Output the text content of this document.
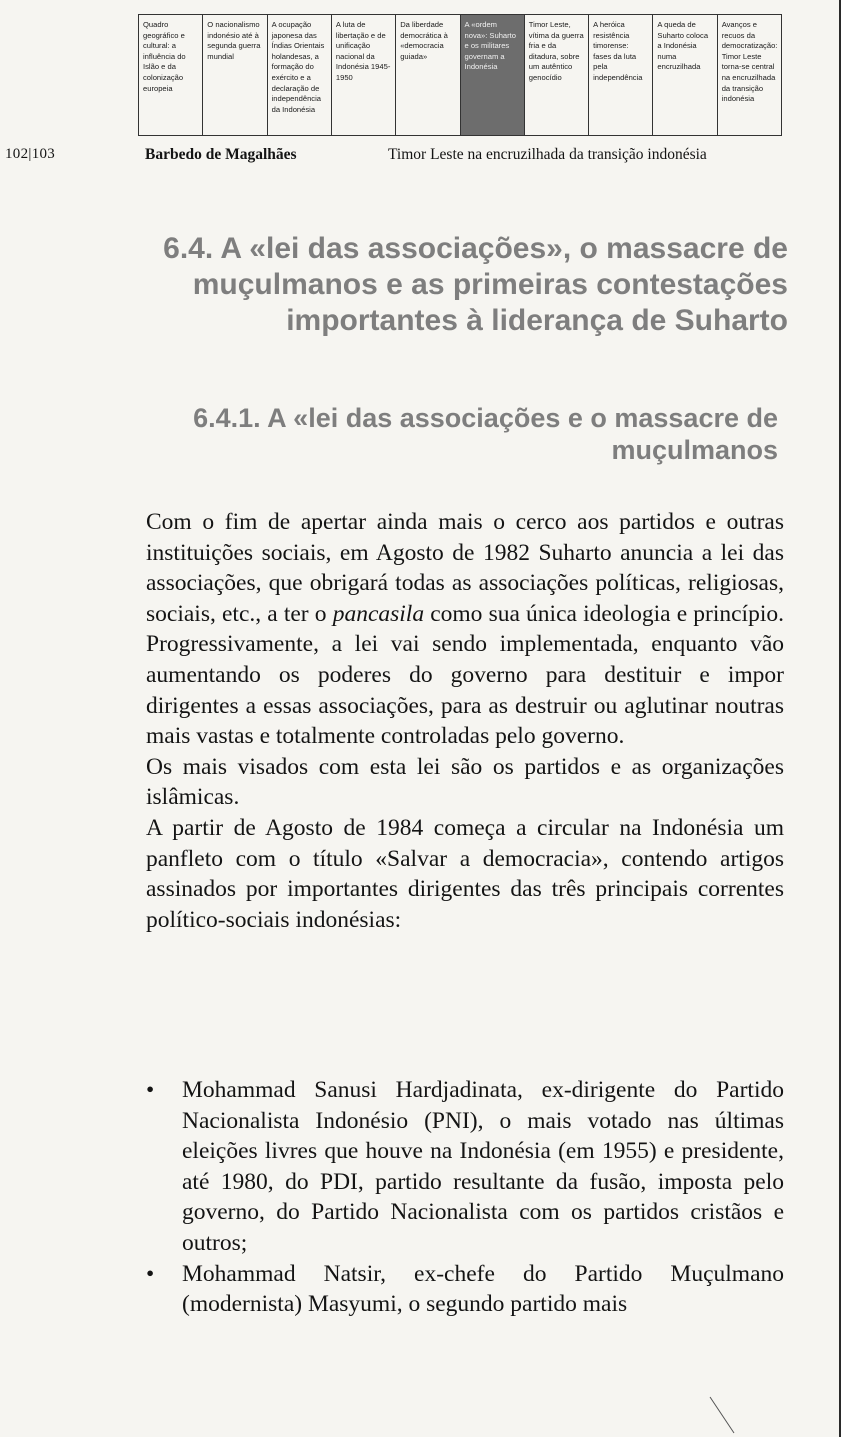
Quadro geográfico e cultural: a influência do Islão e da colonização europeia
O nacionalismo indonésio até à segunda guerra mundial
A ocupação japonesa das Índias Orientais holandesas, a formação do exército e a declaração de independência da Indonésia
A luta de libertação e de unificação nacional da Indonésia 1945-1950
Da liberdade democrática à «democracia guiada»
A «ordem nova»: Suharto e os militares governam a Indonésia
Timor Leste, vítima da guerra fria e da ditadura, sobre um autêntico genocídio
A heróica resistência timorense: fases da luta pela independência
A queda de Suharto coloca a Indonésia numa encruzilhada
Avanços e recuos da democratização: Timor Leste torna-se central na encruzilhada da transição indonésia
102|103	Barbedo de Magalhães	Timor Leste na encruzilhada da transição indonésia
6.4. A «lei das associações», o massacre de muçulmanos e as primeiras contestações importantes à liderança de Suharto
6.4.1. A «lei das associações e o massacre de muçulmanos

Com o fim de apertar ainda mais o cerco aos partidos e outras instituições sociais, em Agosto de 1982 Suharto anuncia a lei das associações, que obrigará todas as associações políticas, religiosas, sociais, etc., a ter o pancasila como sua única ideologia e princípio. Progressivamente, a lei vai sendo implementada, enquanto vão aumentando os poderes do governo para destituir e impor dirigentes a essas associações, para as destruir ou aglutinar noutras mais vastas e totalmente controladas pelo governo.

Os mais visados com esta lei são os partidos e as organizações islâmicas.

A partir de Agosto de 1984 começa a circular na Indonésia um panfleto com o título «Salvar a democracia», contendo artigos assinados por importantes dirigentes das três principais correntes político-sociais indonésias:

• Mohammad Sanusi Hardjadinata, ex-dirigente do Partido Nacionalista Indonésio (PNI), o mais votado nas últimas eleições livres que houve na Indonésia (em 1955) e presidente, até 1980, do PDI, partido resultante da fusão, imposta pelo governo, do Partido Nacionalista com os partidos cristãos e outros;
• Mohammad Natsir, ex-chefe do Partido Muçulmano (modernista) Masyumi, o segundo partido mais
